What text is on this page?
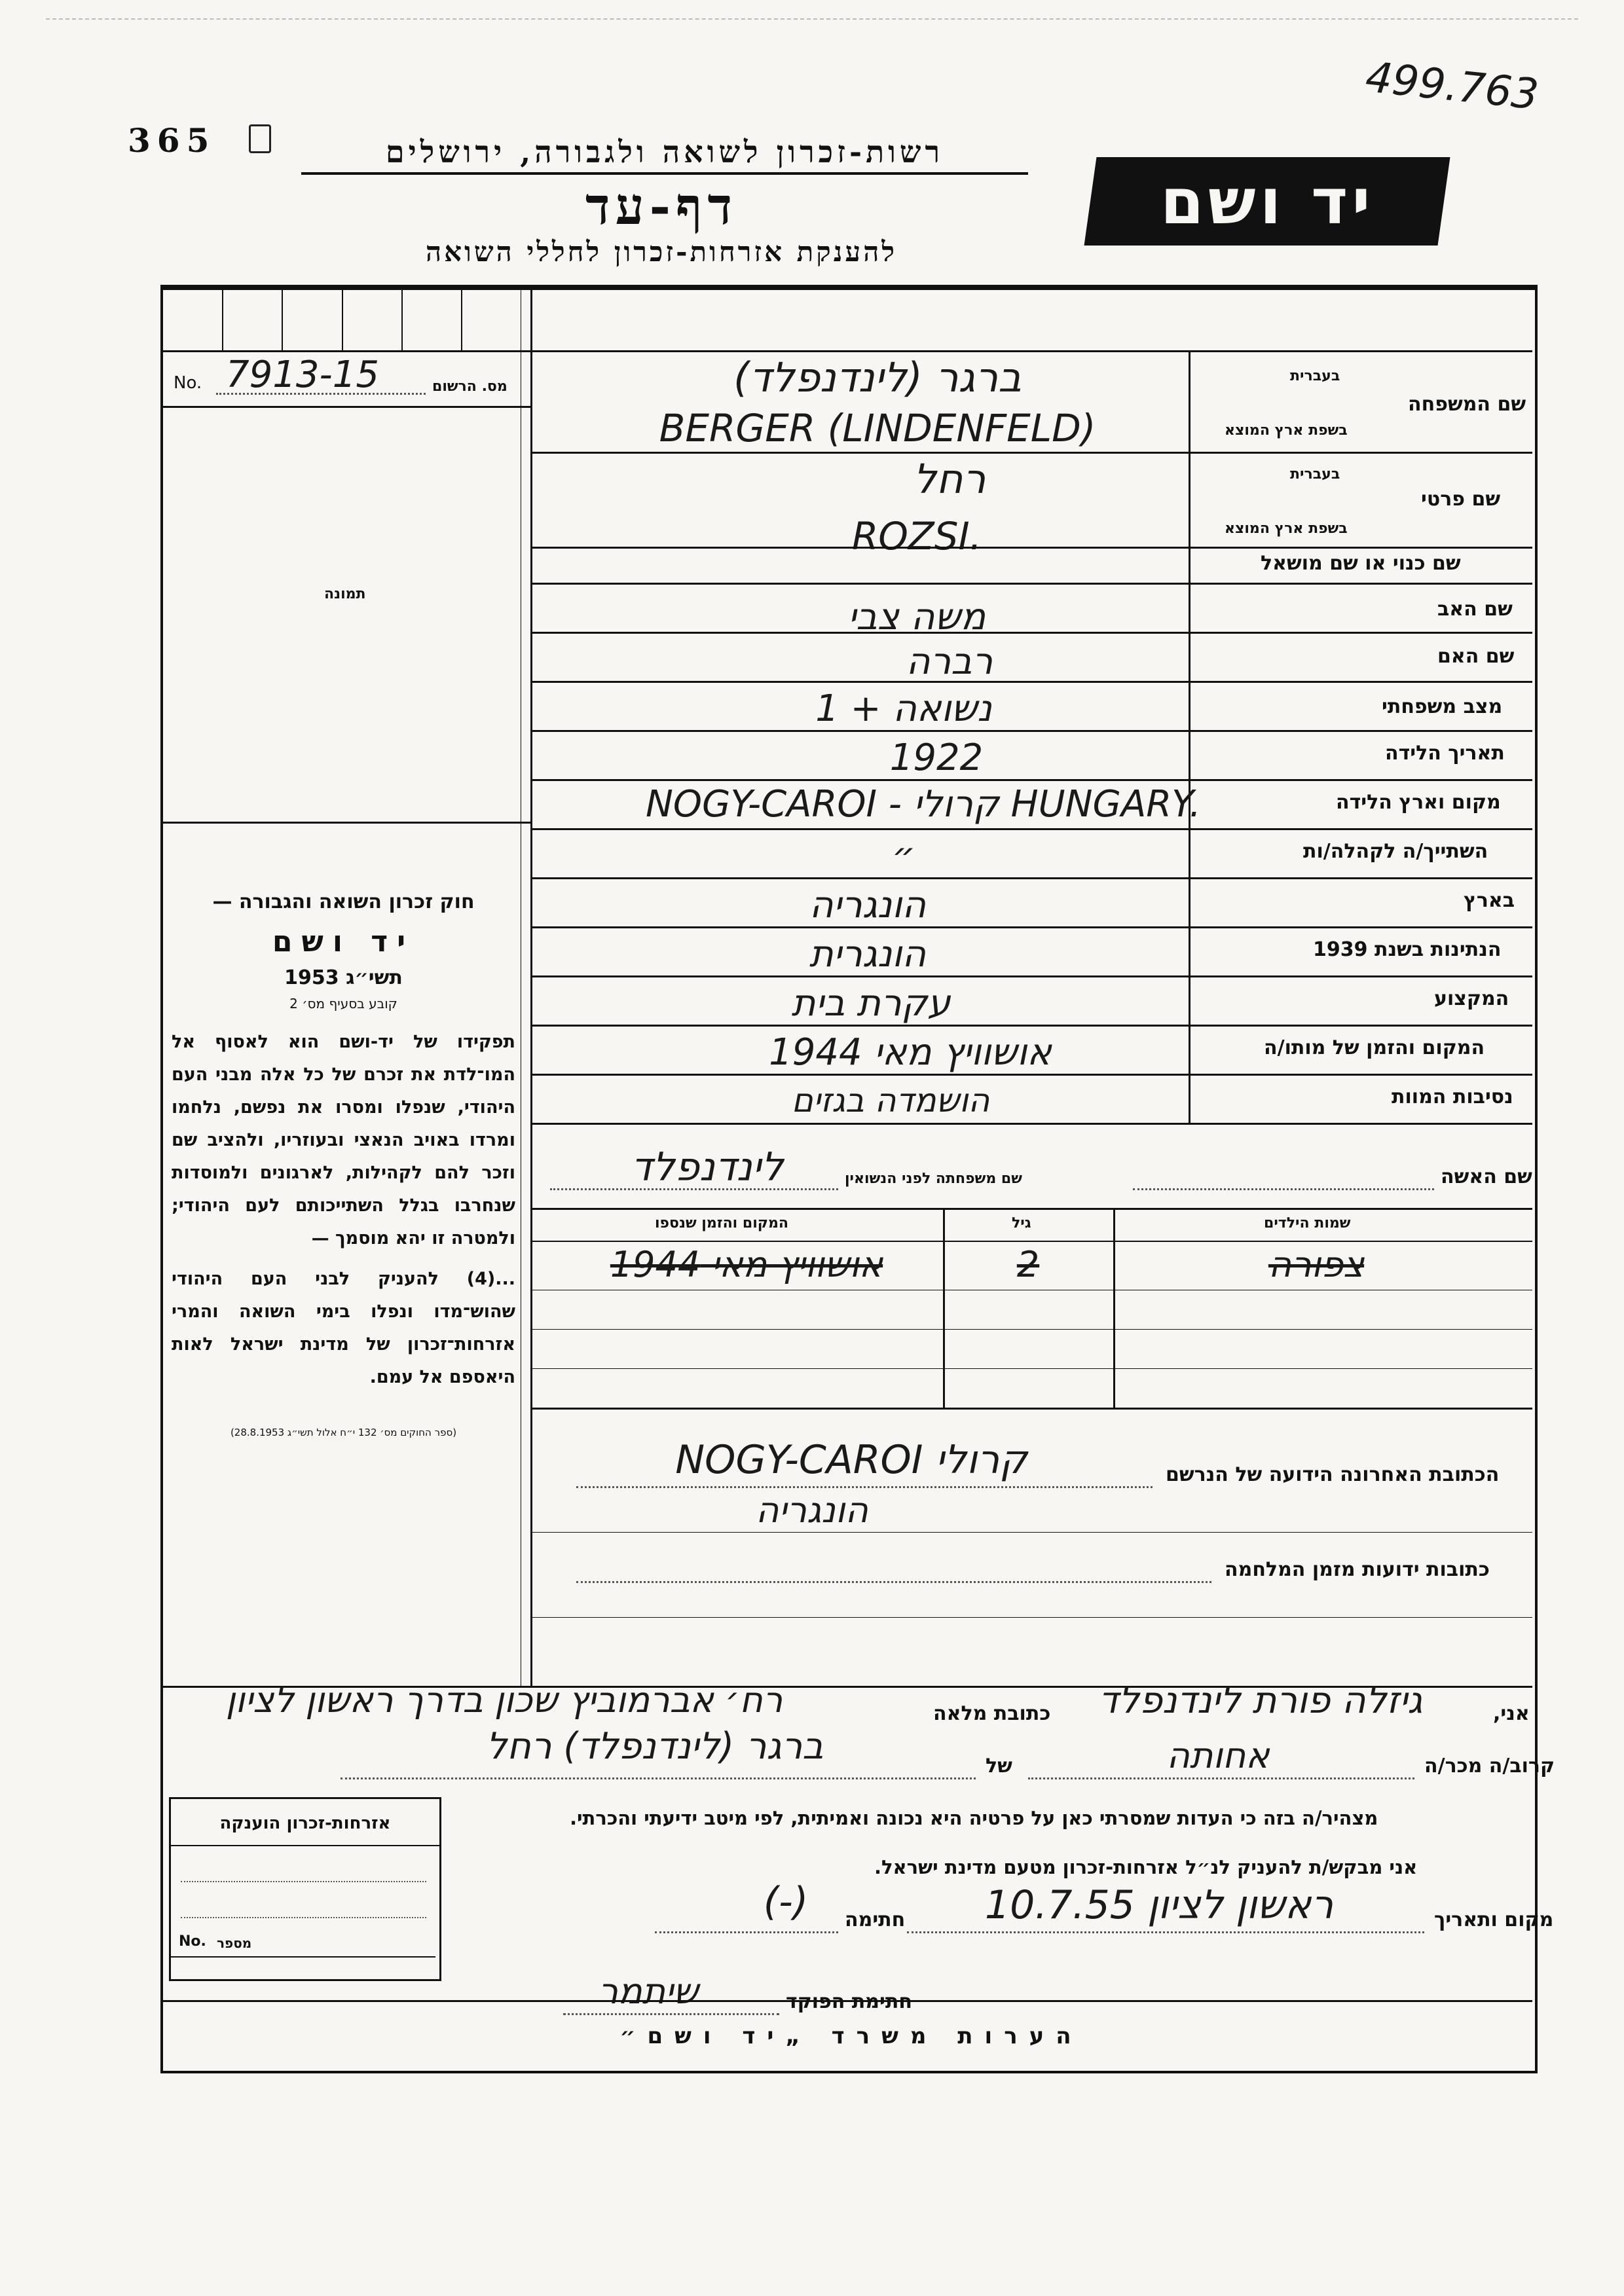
499.763
365	רשות-זכרון לשואה ולגבורה, ירושלים
דף-עד
להענקת אזרחות-זכרון לחללי השואה
יד ושם
No. 7913-15	מס. הרשום
תמונה
בעברית
בשפת ארץ המוצא
שם המשפחה
ברגר (לינדנפלד)
BERGER (LINDENFELD)
בעברית
בשפת ארץ המוצא
שם פרטי
רחל
ROZSI.
שם כנוי או שם מושאל
שם האב
משה צבי
שם האם
רברה
מצב משפחתי
נשואה + 1
תאריך הלידה
1922
מקום וארץ הלידה
NOGY-CAROI - קרולי HUNGARY.
השתייך/ה לקהלה/ות
״
בארץ
הונגריה
הנתינות בשנת 1939
הונגרית
המקצוע
עקרת בית
המקום והזמן של מותו/ה
אושוויץ מאי 1944
נסיבות המוות
הושמדה בגזים
שם האשה
שם משפחתה לפני הנשואין
לינדנפלד
שמות הילדים
גיל
המקום והזמן שנספו
צפורה
2
אושוויץ מאי 1944
הכתובת האחרונה הידועה של הנרשם
NOGY-CAROI קרולי
הונגריה
כתובות ידועות מזמן המלחמה
חוק זכרון השואה והגבורה —
יד ושם
תשי״ג 1953
קובע בסעיף מס׳ 2
תפקידו של יד-ושם הוא לאסוף אל המו־לדת את זכרם של כל אלה מבני העם היהודי, שנפלו ומסרו את נפשם, נלחמו ומרדו באויב הנאצי ובעוזריו, ולהציב שם וזכר להם לקהילות, לארגונים ולמוסדות שנחרבו בגלל השתייכותם לעם היהודי; ולמטרה זו יהא מוסמך —
...(4) להעניק לבני העם היהודי שהוש־מדו ונפלו בימי השואה והמרי אזרחות־זכרון של מדינת ישראל לאות היאספם אל עמם.
(ספר החוקים מס׳ 132 י״ח אלול תשי״ג 28.8.1953)
אני,
גיזלה פורת לינדנפלד
כתובת מלאה
רח׳ אברמוביץ שכון בדרך ראשון לציון
קרוב/ה מכר/ה
אחותה
של
ברגר (לינדנפלד) רחל
מצהיר/ה בזה כי העדות שמסרתי כאן על פרטיה היא נכונה ואמיתית, לפי מיטב ידיעתי והכרתי.
אני מבקש/ת להעניק לנ״ל אזרחות-זכרון מטעם מדינת ישראל.
מקום ותאריך
ראשון לציון 10.7.55
חתימה
(-)
חתימת הפוקד
שיתמר
אזרחות-זכרון הוענקה
No. מספר
הערות משרד „יד ושם״
